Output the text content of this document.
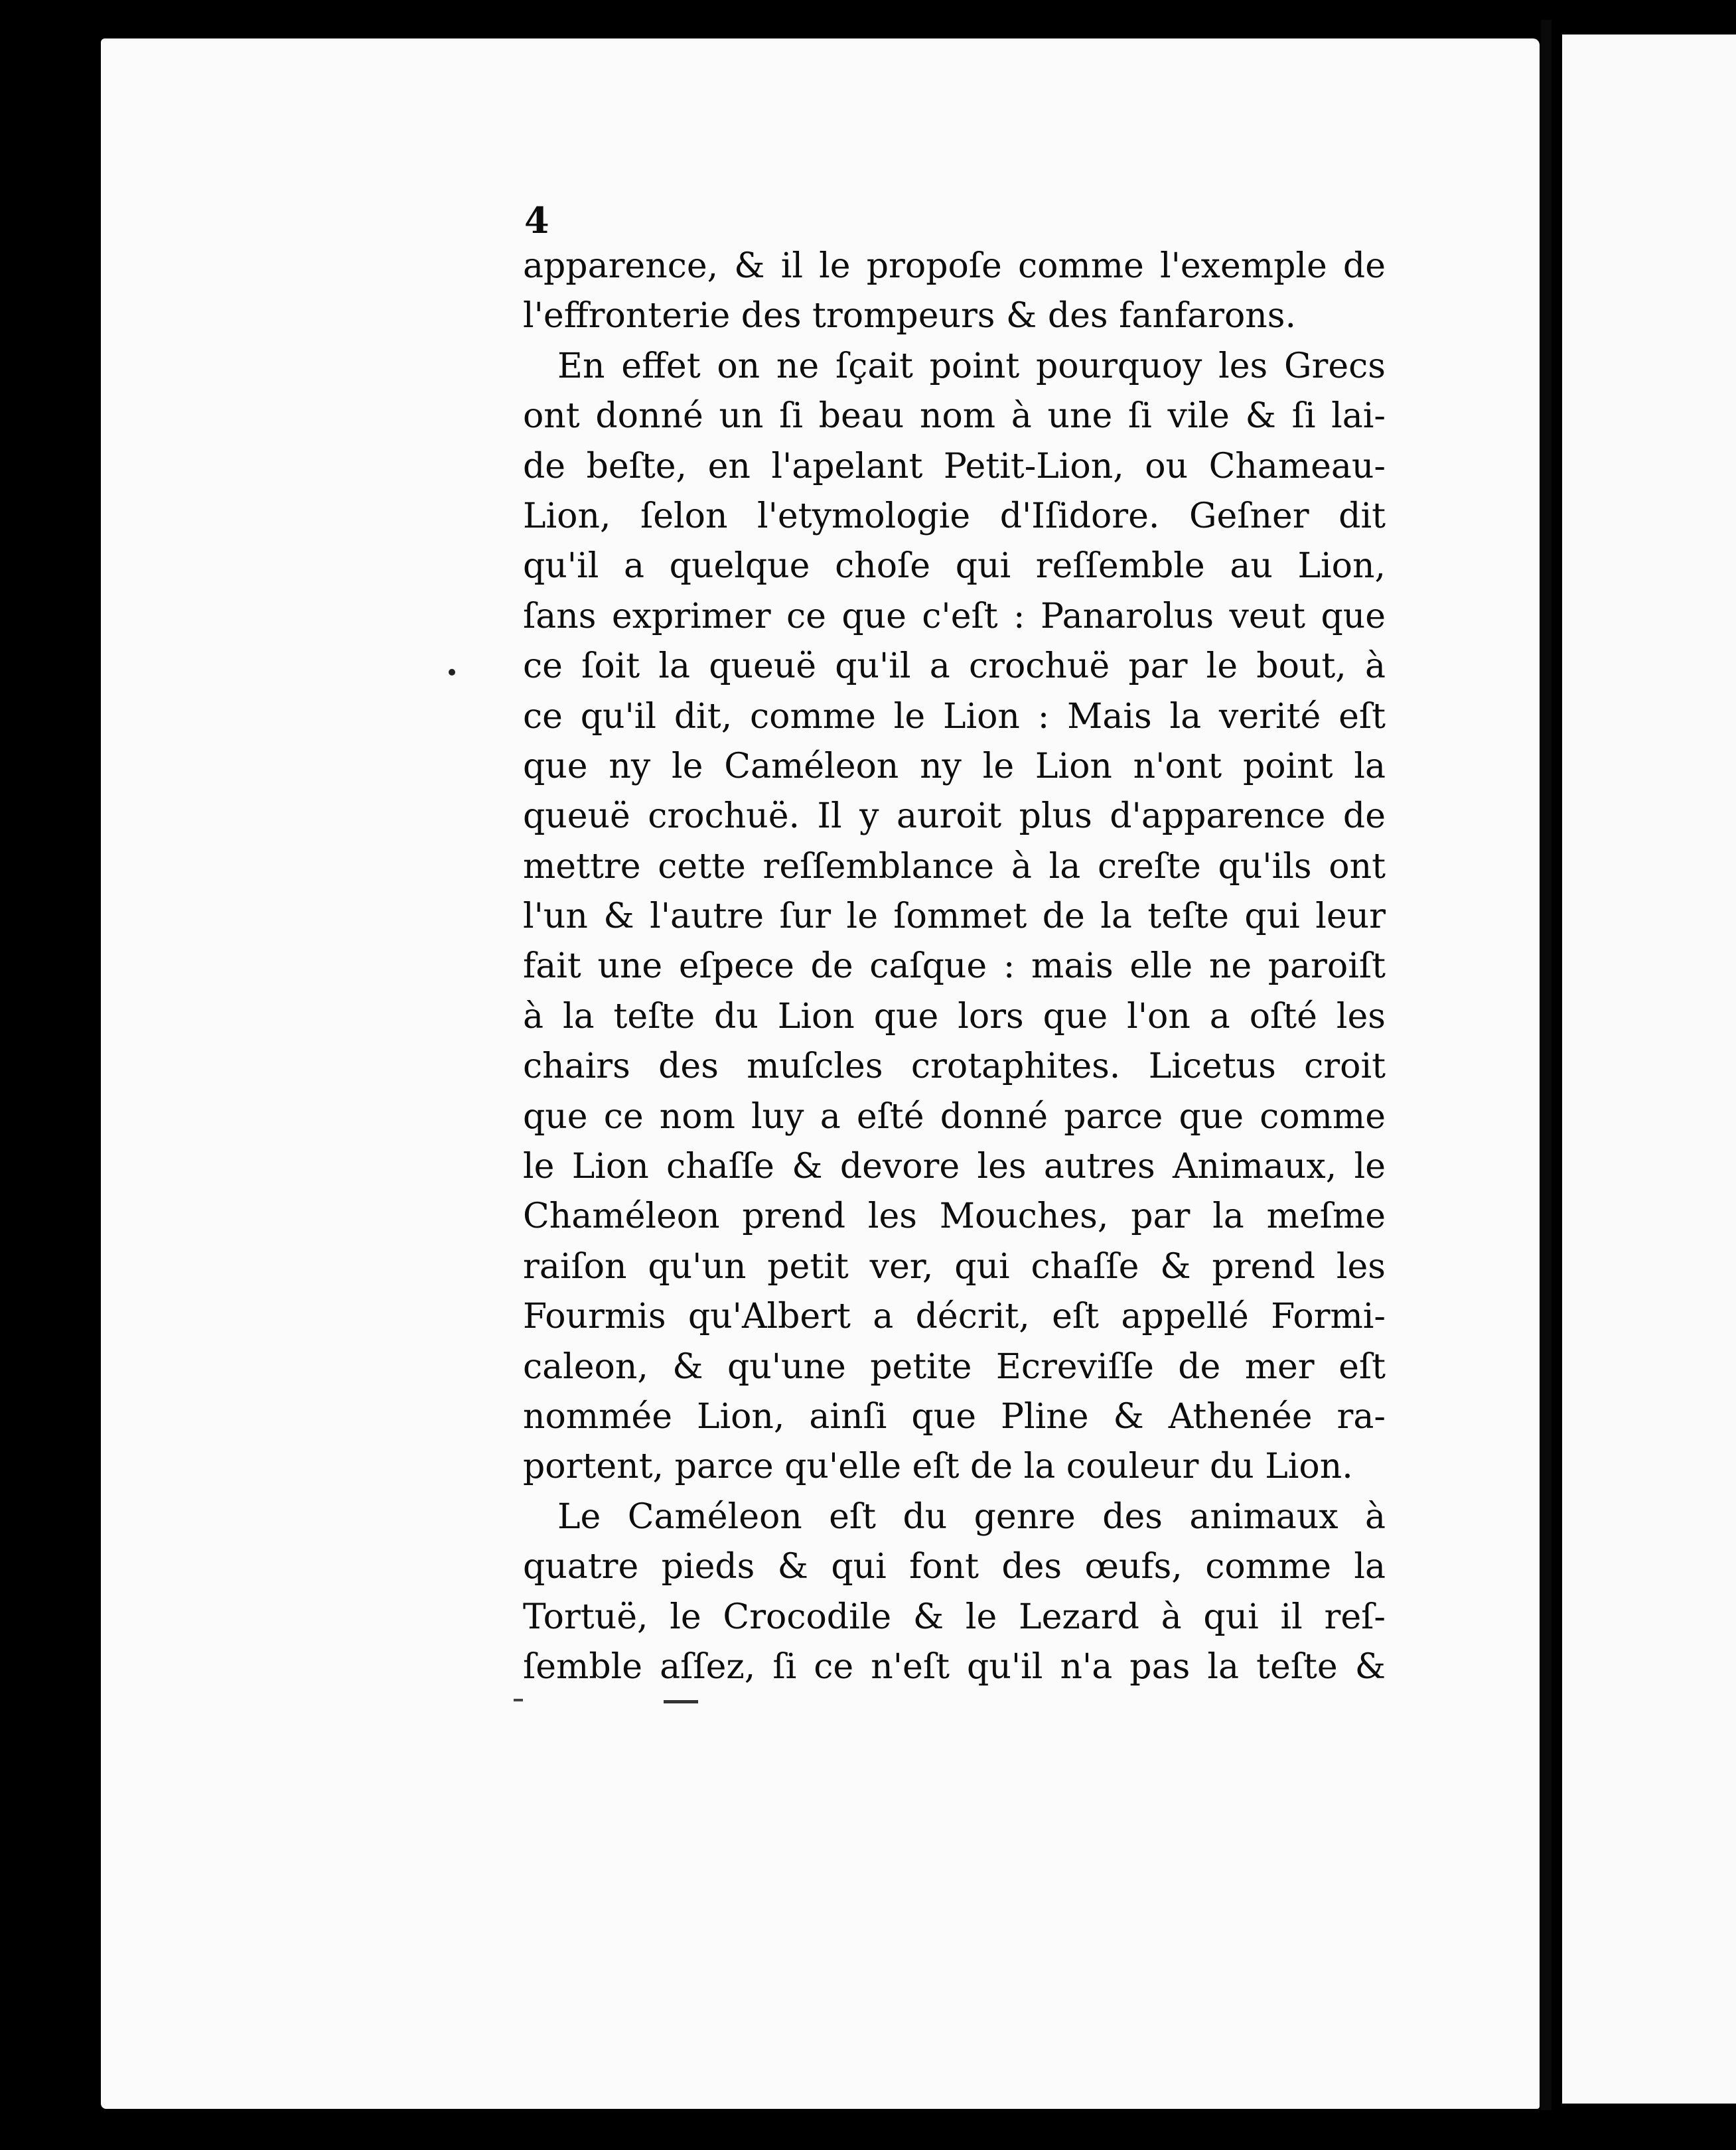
4
apparence, & il le propoſe comme l'exemple de
l'effronterie des trompeurs & des fanfarons.
En effet on ne ſçait point pourquoy les Grecs
ont donné un ſi beau nom à une ſi vile & ſi lai-
de beſte, en l'apelant Petit-Lion, ou Chameau-
Lion, ſelon l'etymologie d'Iſidore. Geſner dit
qu'il a quelque choſe qui reſſemble au Lion,
ſans exprimer ce que c'eſt : Panarolus veut que
ce ſoit la queuë qu'il a crochuë par le bout, à
ce qu'il dit, comme le Lion : Mais la verité eſt
que ny le Caméleon ny le Lion n'ont point la
queuë crochuë. Il y auroit plus d'apparence de
mettre cette reſſemblance à la creſte qu'ils ont
l'un & l'autre ſur le ſommet de la teſte qui leur
fait une eſpece de caſque : mais elle ne paroiſt
à la teſte du Lion que lors que l'on a oſté les
chairs des muſcles crotaphites. Licetus croit
que ce nom luy a eſté donné parce que comme
le Lion chaſſe & devore les autres Animaux, le
Chaméleon prend les Mouches, par la meſme
raiſon qu'un petit ver, qui chaſſe & prend les
Fourmis qu'Albert a décrit, eſt appellé Formi-
caleon, & qu'une petite Ecreviſſe de mer eſt
nommée Lion, ainſi que Pline & Athenée ra-
portent, parce qu'elle eſt de la couleur du Lion.
Le Caméleon eſt du genre des animaux à
quatre pieds & qui font des œufs, comme la
Tortuë, le Crocodile & le Lezard à qui il reſ-
ſemble aſſez, ſi ce n'eſt qu'il n'a pas la teſte &
